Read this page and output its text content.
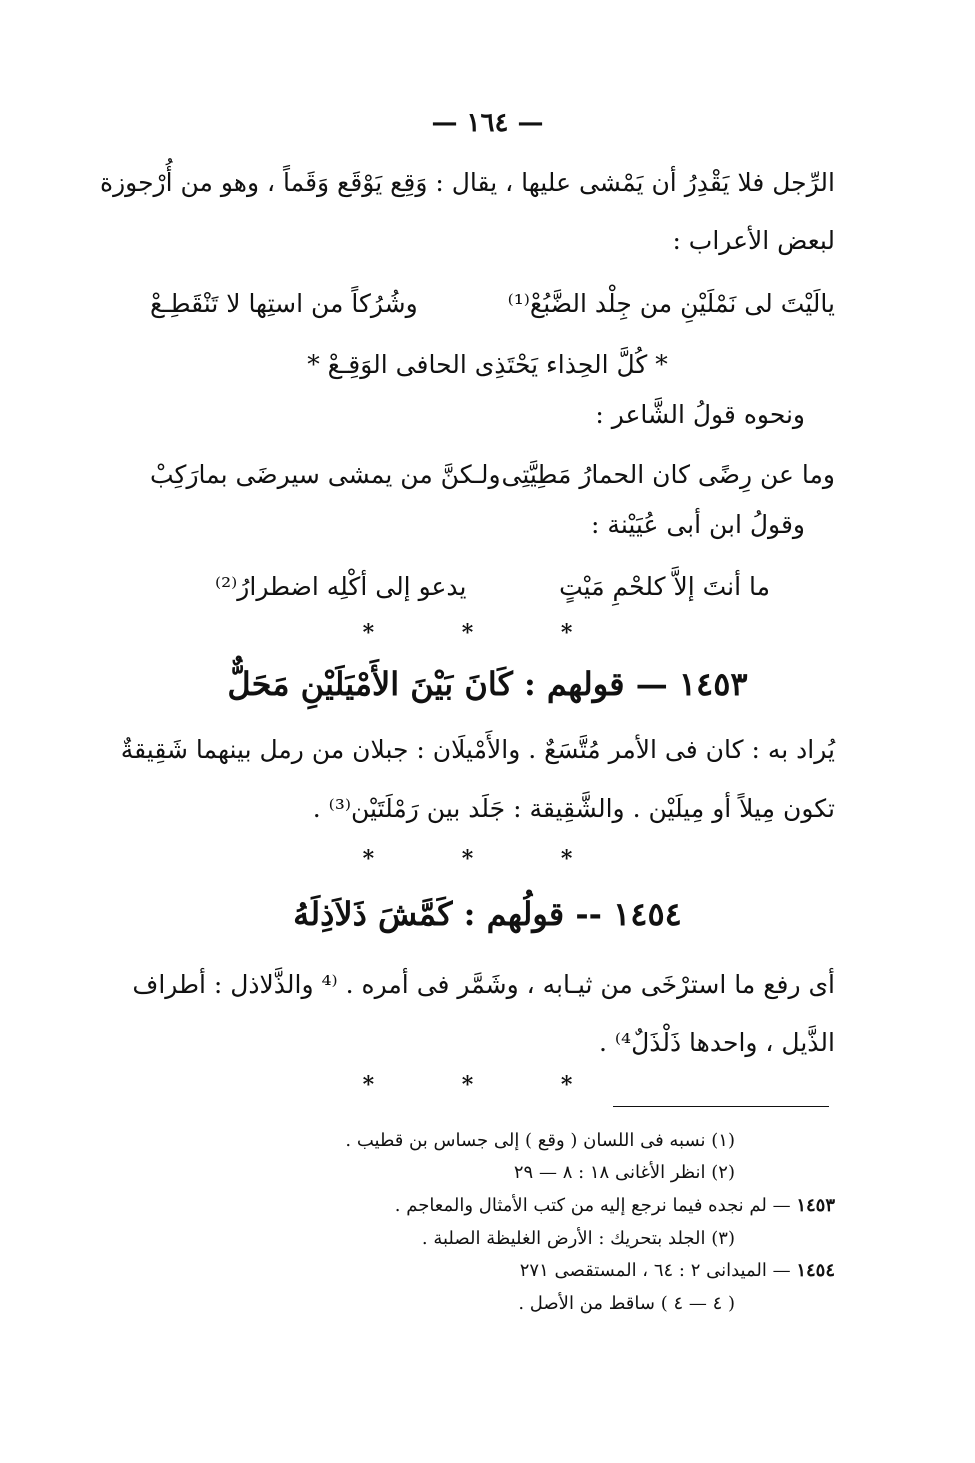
— ١٦٤ —
الرِّجل فلا يَقْدِرُ أن يَمْشى عليها ، يقال : وَقِع يَوْقَع وَقَماً ، وهو من أُرْجوزة
لبعض الأعراب :
يالَيْتَ لى نَمْلَيْنِ من جِلْد الضَّبُعْ⁽¹⁾
وشُرُكاً من استِها لا تَنْقَطِـعْ
* كُلَّ الحِذاء يَحْتَذِى الحافى الوَقِـعْ *
ونحوه قولُ الشَّاعر :
وما عن رِضًى كان الحمارُ مَطِيَّتِى
ولـكنَّ من يمشى سيرضَى بمارَكِبْ
وقولُ ابن أبى عُيَيْنة :
ما أنتَ إلاَّ كلحْمِ مَيْتٍ
يدعو إلى أكْلِه اضطرارُ⁽²⁾
* * *
١٤٥٣ — قولهم : كَانَ بَيْنَ الأَمْيَلَيْنِ مَحَلٌّ
يُراد به : كان فى الأمر مُتَّسَعٌ . والأَمْيلَان : جبلان من رمل بينهما شَقِيقةٌ
تكون مِيلاً أو مِيلَيْن . والشَّقِيقة : جَلَد بين رَمْلَتَيْن⁽³⁾ .
* * *
١٤٥٤ -- قولُهم : كَمَّشَ ذَلاَذِلَهُ
أى رفع ما استرْخَى من ثيـابه ، وشَمَّر فى أمره . ⁽⁴ والذَّلاذل : أطراف
الذَّيل ، واحدها ذَلْذَلٌ⁴⁾ .
* * *
(١) نسبه فى اللسان ( وقع ) إلى جساس بن قطيب .
(٢) انظر الأغانى ١٨ : ٨ — ٢٩
١٤٥٣ — لم نجده فيما نرجع إليه من كتب الأمثال والمعاجم .
(٣) الجلد بتحريك : الأرض الغليظة الصلبة .
١٤٥٤ — الميدانى ٢ : ٦٤ ، المستقصى ٢٧١
( ٤ — ٤ ) ساقط من الأصل .
